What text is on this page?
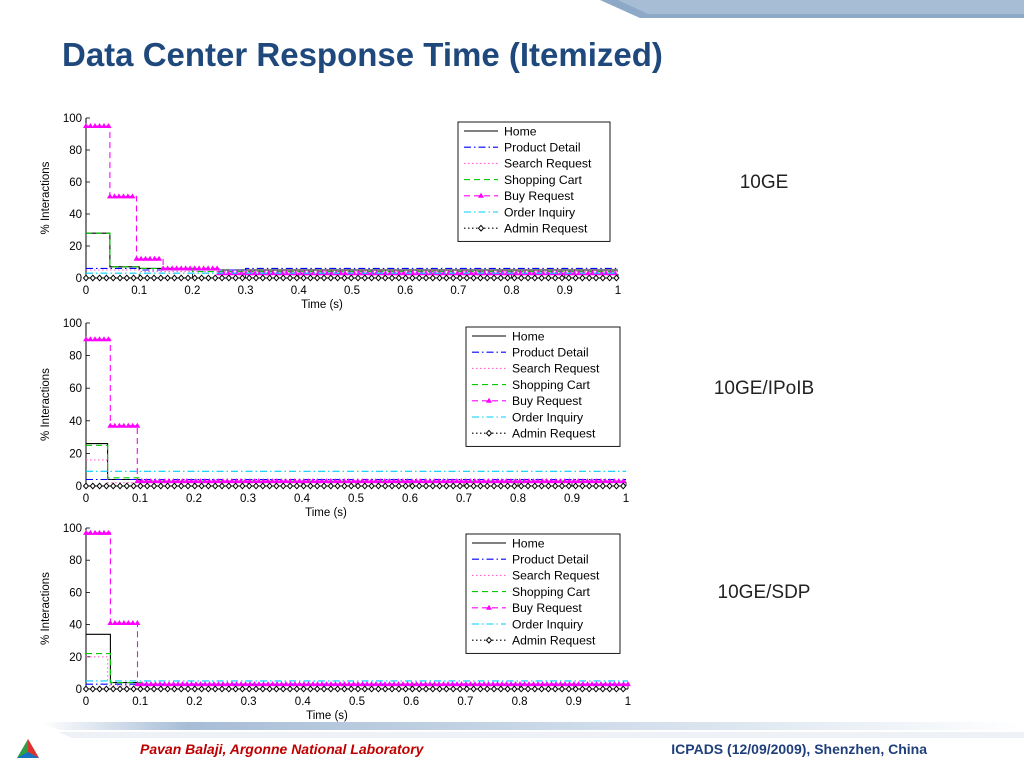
Data Center Response Time (Itemized)
0
20
40
60
80
100
0	0.1	0.2	0.3	0.4	0.5	0.6	0.7	0.8	0.9	1
Time (s)
% Interactions
Home
Product Detail
Search Request
Shopping Cart
Buy Request
Order Inquiry
Admin Request
0
20
40
60
80
100
0	0.1	0.2	0.3	0.4	0.5	0.6	0.7	0.8	0.9	1
Time (s)
% Interactions
Home
Product Detail
Search Request
Shopping Cart
Buy Request
Order Inquiry
Admin Request
0
20
40
60
80
100
0	0.1	0.2	0.3	0.4	0.5	0.6	0.7	0.8	0.9	1
Time (s)
% Interactions
Home
Product Detail
Search Request
Shopping Cart
Buy Request
Order Inquiry
Admin Request
10GE
10GE/IPoIB
10GE/SDP
Pavan Balaji, Argonne National Laboratory	ICPADS (12/09/2009), Shenzhen, China
